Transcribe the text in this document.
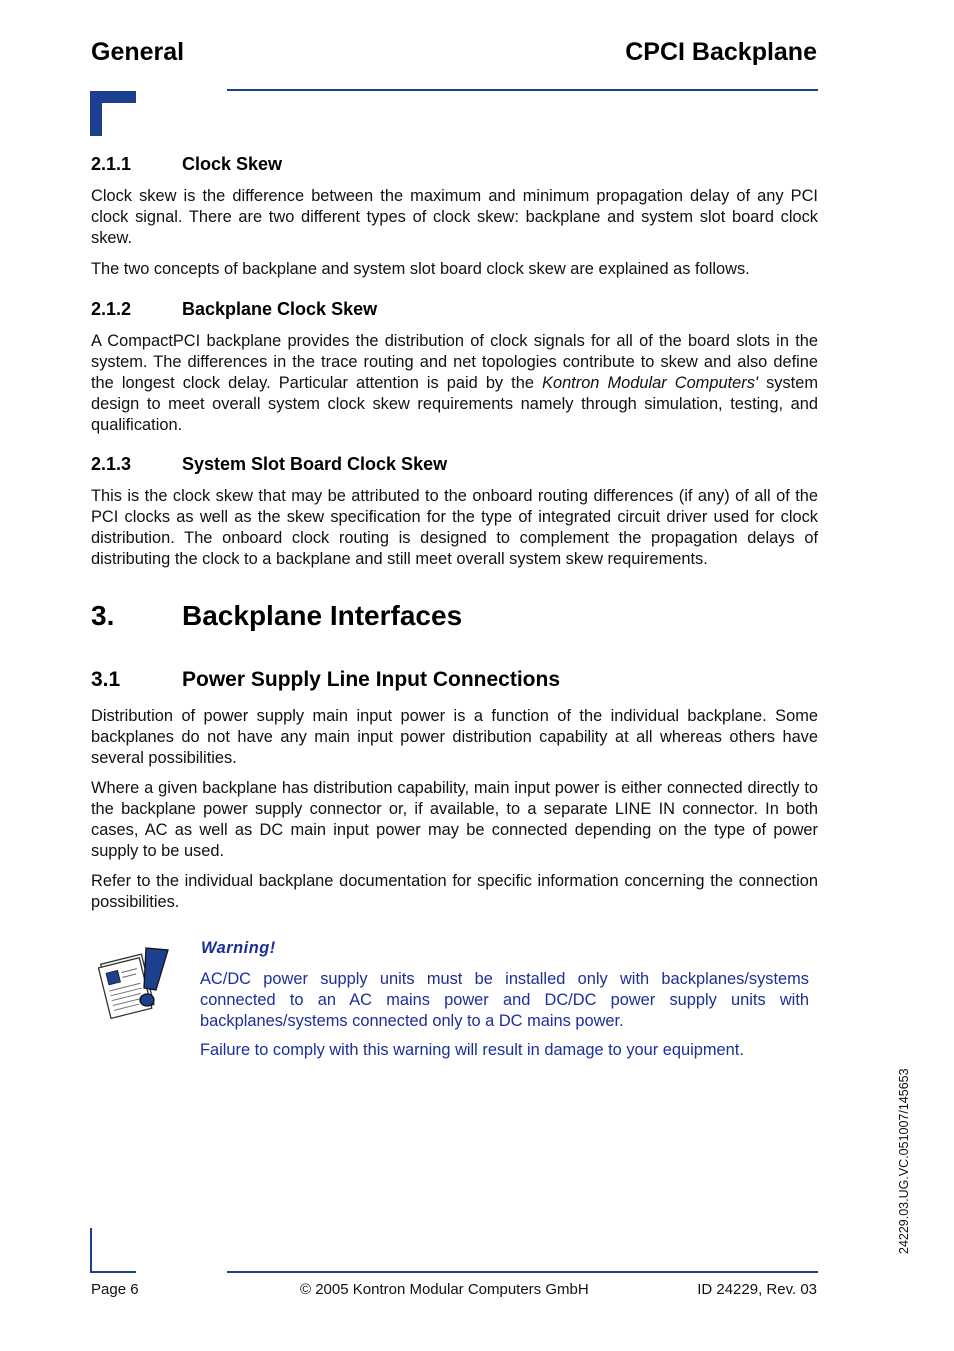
General	CPCI Backplane
2.1.1	Clock Skew
Clock skew is the difference between the maximum and minimum propagation delay of any PCI clock signal. There are two different types of clock skew: backplane and system slot board clock skew.
The two concepts of backplane and system slot board clock skew are explained as follows.
2.1.2	Backplane Clock Skew
A CompactPCI backplane provides the distribution of clock signals for all of the board slots in the system. The differences in the trace routing and net topologies contribute to skew and also define the longest clock delay. Particular attention is paid by the Kontron Modular Computers' system design to meet overall system clock skew requirements namely through simulation, testing, and qualification.
2.1.3	System Slot Board Clock Skew
This is the clock skew that may be attributed to the onboard routing differences (if any) of all of the PCI clocks as well as the skew specification for the type of integrated circuit driver used for clock distribution. The onboard clock routing is designed to complement the propagation delays of distributing the clock to a backplane and still meet overall system skew requirements.
3. Backplane Interfaces
3.1	Power Supply Line Input Connections
Distribution of power supply main input power is a function of the individual backplane. Some backplanes do not have any main input power distribution capability at all whereas others have several possibilities.
Where a given backplane has distribution capability, main input power is either connected directly to the backplane power supply connector or, if available, to a separate LINE IN connector. In both cases, AC as well as DC main input power may be connected depending on the type of power supply to be used.
Refer to the individual backplane documentation for specific information concerning the connection possibilities.
Warning!
AC/DC power supply units must be installed only with backplanes/systems connected to an AC mains power and DC/DC power supply units with backplanes/systems connected only to a DC mains power.
Failure to comply with this warning will result in damage to your equipment.
24229.03.UG.VC.051007/145653
Page 6	© 2005 Kontron Modular Computers GmbH	ID 24229, Rev. 03
